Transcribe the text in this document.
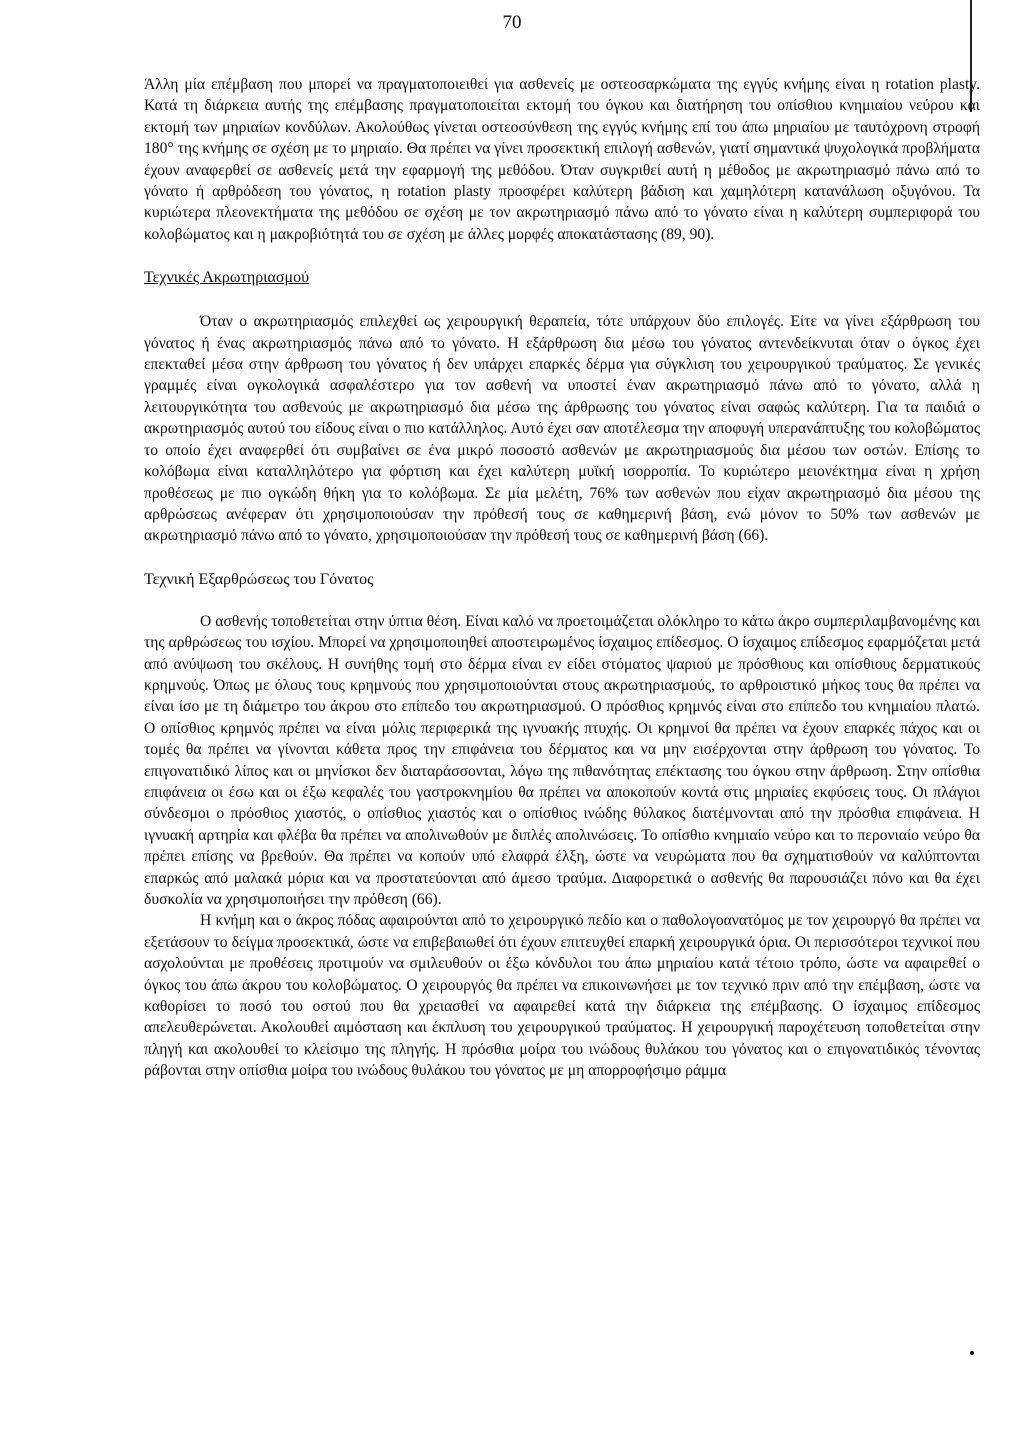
70

Άλλη μία επέμβαση που μπορεί να πραγματοποιειθεί για ασθενείς με οστεοσαρκώματα της εγγύς κνήμης είναι η rotation plasty. Κατά τη διάρκεια αυτής της επέμβασης πραγματοποιείται εκτομή του όγκου και διατήρηση του οπίσθιου κνημιαίου νεύρου και εκτομή των μηριαίων κονδύλων. Ακολούθως γίνεται οστεοσύνθεση της εγγύς κνήμης επί του άπω μηριαίου με ταυτόχρονη στροφή 180° της κνήμης σε σχέση με το μηριαίο. Θα πρέπει να γίνει προσεκτική επιλογή ασθενών, γιατί σημαντικά ψυχολογικά προβλήματα έχουν αναφερθεί σε ασθενείς μετά την εφαρμογή της μεθόδου. Όταν συγκριθεί αυτή η μέθοδος με ακρωτηριασμό πάνω από το γόνατο ή αρθρόδεση του γόνατος, η rotation plasty προσφέρει καλύτερη βάδιση και χαμηλότερη κατανάλωση οξυγόνου. Τα κυριώτερα πλεονεκτήματα της μεθόδου σε σχέση με τον ακρωτηριασμό πάνω από το γόνατο είναι η καλύτερη συμπεριφορά του κολοβώματος και η μακροβιότητά του σε σχέση με άλλες μορφές αποκατάστασης (89, 90).

Τεχνικές Ακρωτηριασμού

Όταν ο ακρωτηριασμός επιλεχθεί ως χειρουργική θεραπεία, τότε υπάρχουν δύο επιλογές. Είτε να γίνει εξάρθρωση του γόνατος ή ένας ακρωτηριασμός πάνω από το γόνατο. Η εξάρθρωση δια μέσω του γόνατος αντενδείκνυται όταν ο όγκος έχει επεκταθεί μέσα στην άρθρωση του γόνατος ή δεν υπάρχει επαρκές δέρμα για σύγκλιση του χειρουργικού τραύματος. Σε γενικές γραμμές είναι ογκολογικά ασφαλέστερο για τον ασθενή να υποστεί έναν ακρωτηριασμό πάνω από το γόνατο, αλλά η λειτουργικότητα του ασθενούς με ακρωτηριασμό δια μέσω της άρθρωσης του γόνατος είναι σαφώς καλύτερη. Για τα παιδιά ο ακρωτηριασμός αυτού του είδους είναι ο πιο κατάλληλος. Αυτό έχει σαν αποτέλεσμα την αποφυγή υπερανάπτυξης του κολοβώματος το οποίο έχει αναφερθεί ότι συμβαίνει σε ένα μικρό ποσοστό ασθενών με ακρωτηριασμούς δια μέσου των οστών. Επίσης το κολόβωμα είναι καταλληλότερο για φόρτιση και έχει καλύτερη μυϊκή ισορροπία. Το κυριώτερο μειονέκτημα είναι η χρήση προθέσεως με πιο ογκώδη θήκη για το κολόβωμα. Σε μία μελέτη, 76% των ασθενών που είχαν ακρωτηριασμό δια μέσου της αρθρώσεως ανέφεραν ότι χρησιμοποιούσαν την πρόθεσή τους σε καθημερινή βάση, ενώ μόνον το 50% των ασθενών με ακρωτηριασμό πάνω από το γόνατο, χρησιμοποιούσαν την πρόθεσή τους σε καθημερινή βάση (66).

Τεχνική Εξαρθρώσεως του Γόνατος

Ο ασθενής τοποθετείται στην ύπτια θέση. Είναι καλό να προετοιμάζεται ολόκληρο το κάτω άκρο συμπεριλαμβανομένης και της αρθρώσεως του ισχίου. Μπορεί να χρησιμοποιηθεί αποστειρωμένος ίσχαιμος επίδεσμος. Ο ίσχαιμος επίδεσμος εφαρμόζεται μετά από ανύψωση του σκέλους. Η συνήθης τομή στο δέρμα είναι εν είδει στόματος ψαριού με πρόσθιους και οπίσθιους δερματικούς κρημνούς. Όπως με όλους τους κρημνούς που χρησιμοποιούνται στους ακρωτηριασμούς, το αρθροιστικό μήκος τους θα πρέπει να είναι ίσο με τη διάμετρο του άκρου στο επίπεδο του ακρωτηριασμού. Ο πρόσθιος κρημνός είναι στο επίπεδο του κνημιαίου πλατώ. Ο οπίσθιος κρημνός πρέπει να είναι μόλις περιφερικά της ιγνυακής πτυχής. Οι κρημνοί θα πρέπει να έχουν επαρκές πάχος και οι τομές θα πρέπει να γίνονται κάθετα προς την επιφάνεια του δέρματος και να μην εισέρχονται στην άρθρωση του γόνατος. Το επιγονατιδικό λίπος και οι μηνίσκοι δεν διαταράσσονται, λόγω της πιθανότητας επέκτασης του όγκου στην άρθρωση. Στην οπίσθια επιφάνεια οι έσω και οι έξω κεφαλές του γαστροκνημίου θα πρέπει να αποκοπούν κοντά στις μηριαίες εκφύσεις τους. Οι πλάγιοι σύνδεσμοι ο πρόσθιος χιαστός, ο οπίσθιος χιαστός και ο οπίσθιος ινώδης θύλακος διατέμνονται από την πρόσθια επιφάνεια. Η ιγνυακή αρτηρία και φλέβα θα πρέπει να απολινωθούν με διπλές απολινώσεις. Το οπίσθιο κνημιαίο νεύρο και το περονιαίο νεύρο θα πρέπει επίσης να βρεθούν. Θα πρέπει να κοπούν υπό ελαφρά έλξη, ώστε να νευρώματα που θα σχηματισθούν να καλύπτονται επαρκώς από μαλακά μόρια και να προστατεύονται από άμεσο τραύμα. Διαφορετικά ο ασθενής θα παρουσιάζει πόνο και θα έχει δυσκολία να χρησιμοποιήσει την πρόθεση (66).

Η κνήμη και ο άκρος πόδας αφαιρούνται από το χειρουργικό πεδίο και ο παθολογοανατόμος με τον χειρουργό θα πρέπει να εξετάσουν το δείγμα προσεκτικά, ώστε να επιβεβαιωθεί ότι έχουν επιτευχθεί επαρκή χειρουργικά όρια. Οι περισσότεροι τεχνικοί που ασχολούνται με προθέσεις προτιμούν να σμιλευθούν οι έξω κόνδυλοι του άπω μηριαίου κατά τέτοιο τρόπο, ώστε να αφαιρεθεί ο όγκος του άπω άκρου του κολοβώματος. Ο χειρουργός θα πρέπει να επικοινωνήσει με τον τεχνικό πριν από την επέμβαση, ώστε να καθορίσει το ποσό του οστού που θα χρειασθεί να αφαιρεθεί κατά την διάρκεια της επέμβασης. Ο ίσχαιμος επίδεσμος απελευθερώνεται. Ακολουθεί αιμόσταση και έκπλυση του χειρουργικού τραύματος. Η χειρουργική παροχέτευση τοποθετείται στην πληγή και ακολουθεί το κλείσιμο της πληγής. Η πρόσθια μοίρα του ινώδους θυλάκου του γόνατος και ο επιγονατιδικός τένοντας ράβονται στην οπίσθια μοίρα του ινώδους θυλάκου του γόνατος με μη απορροφήσιμο ράμμα
